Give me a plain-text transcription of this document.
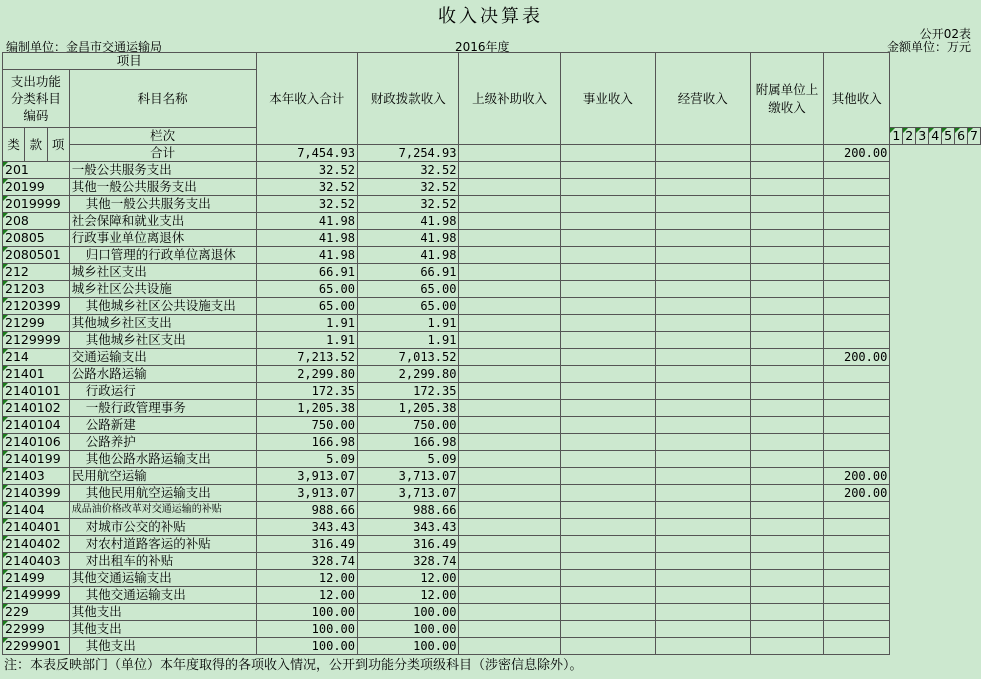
收入决算表
公开02表
编制单位：金昌市交通运输局	2016年度	金额单位：万元
项目				本年收入合计	财政拨款收入	上级补助收入	事业收入	经营收入	附属单位上缴收入	其他收入							
支出功能分类科目编码			科目名称														

类	款	项	栏次								1	2	3	4	5	6	7
			合计	7,454.93	7,254.93					200.00							
201			一般公共服务支出	32.52	32.52												
20199			其他一般公共服务支出	32.52	32.52												
2019999			其他一般公共服务支出	32.52	32.52												
208			社会保障和就业支出	41.98	41.98												
20805			行政事业单位离退休	41.98	41.98												
2080501			归口管理的行政单位离退休	41.98	41.98												
212			城乡社区支出	66.91	66.91												
21203			城乡社区公共设施	65.00	65.00												
2120399			其他城乡社区公共设施支出	65.00	65.00												
21299			其他城乡社区支出	1.91	1.91												
2129999			其他城乡社区支出	1.91	1.91												
214			交通运输支出	7,213.52	7,013.52					200.00							
21401			公路水路运输	2,299.80	2,299.80												
2140101			行政运行	172.35	172.35												
2140102			一般行政管理事务	1,205.38	1,205.38												
2140104			公路新建	750.00	750.00												
2140106			公路养护	166.98	166.98												
2140199			其他公路水路运输支出	5.09	5.09												
21403			民用航空运输	3,913.07	3,713.07					200.00							
2140399			其他民用航空运输支出	3,913.07	3,713.07					200.00							
21404			成品油价格改革对交通运输的补贴	988.66	988.66												
2140401			对城市公交的补贴	343.43	343.43												
2140402			对农村道路客运的补贴	316.49	316.49												
2140403			对出租车的补贴	328.74	328.74												
21499			其他交通运输支出	12.00	12.00												
2149999			其他交通运输支出	12.00	12.00												
229			其他支出	100.00	100.00												
22999			其他支出	100.00	100.00												
2299901			其他支出	100.00	100.00												
注：本表反映部门（单位）本年度取得的各项收入情况，公开到功能分类项级科目（涉密信息除外）。
